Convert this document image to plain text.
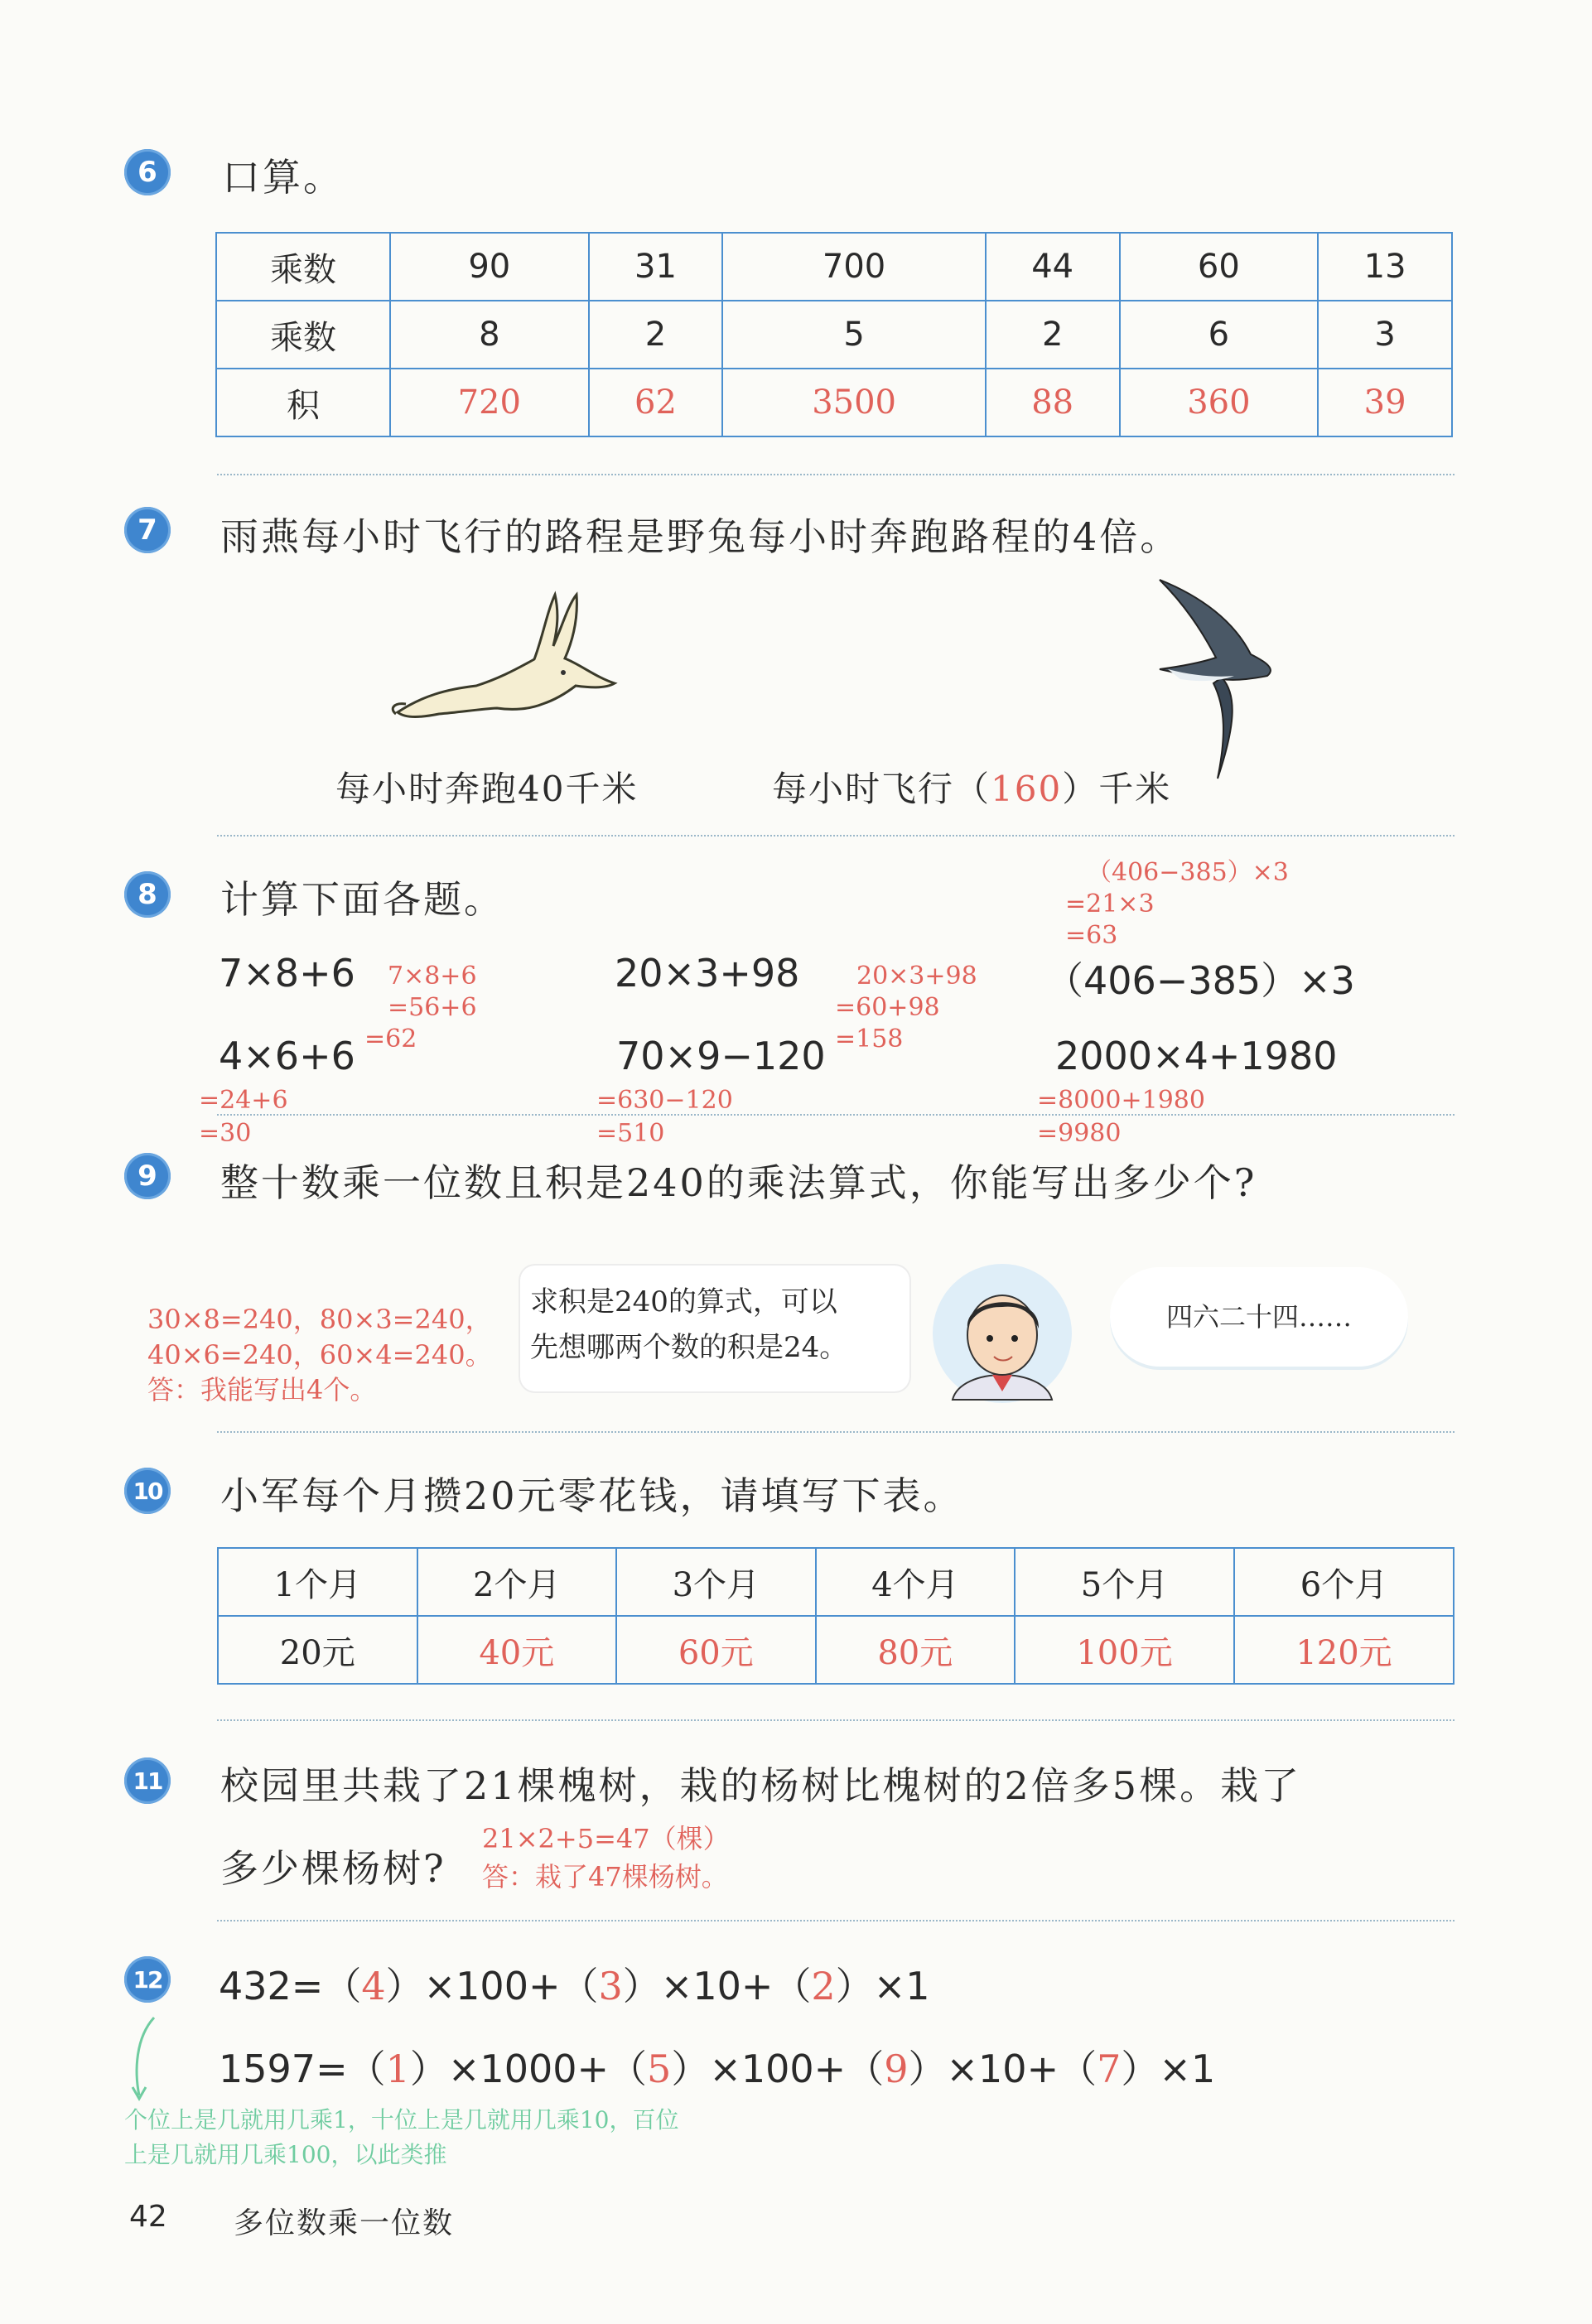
6	口算。
乘数	90	31	700	44	60	13
乘数	8	2	5	2	6	3
积	720	62	3500	88	360	39
7	雨燕每小时飞行的路程是野兔每小时奔跑路程的4倍。
每小时奔跑40千米	每小时飞行（160）千米
8	计算下面各题。
（406−385）×3
=21×3
=63
7×8+6 7×8+6
=56+6
=62
20×3+98 20×3+98
=60+98
=158
（406−385）×3
4×6+6
=24+6
=30
70×9−120
=630−120
=510
2000×4+1980
=8000+1980
=9980
9	整十数乘一位数且积是240的乘法算式，你能写出多少个?
30×8=240，80×3=240，
40×6=240，60×4=240。
答：我能写出4个。
求积是240的算式，可以
先想哪两个数的积是24。
四六二十四……
10 小军每个月攒20元零花钱，请填写下表。
1个月	2个月	3个月	4个月	5个月	6个月
20元	40元	60元	80元	100元	120元
11 校园里共栽了21棵槐树，栽的杨树比槐树的2倍多5棵。栽了
多少棵杨树?
21×2+5=47（棵）
答：栽了47棵杨树。
12 432=（4）×100+（3）×10+（2）×1
1597=（1）×1000+（5）×100+（9）×10+（7）×1
个位上是几就用几乘1，十位上是几就用几乘10，百位
上是几就用几乘100，以此类推
42 多位数乘一位数
